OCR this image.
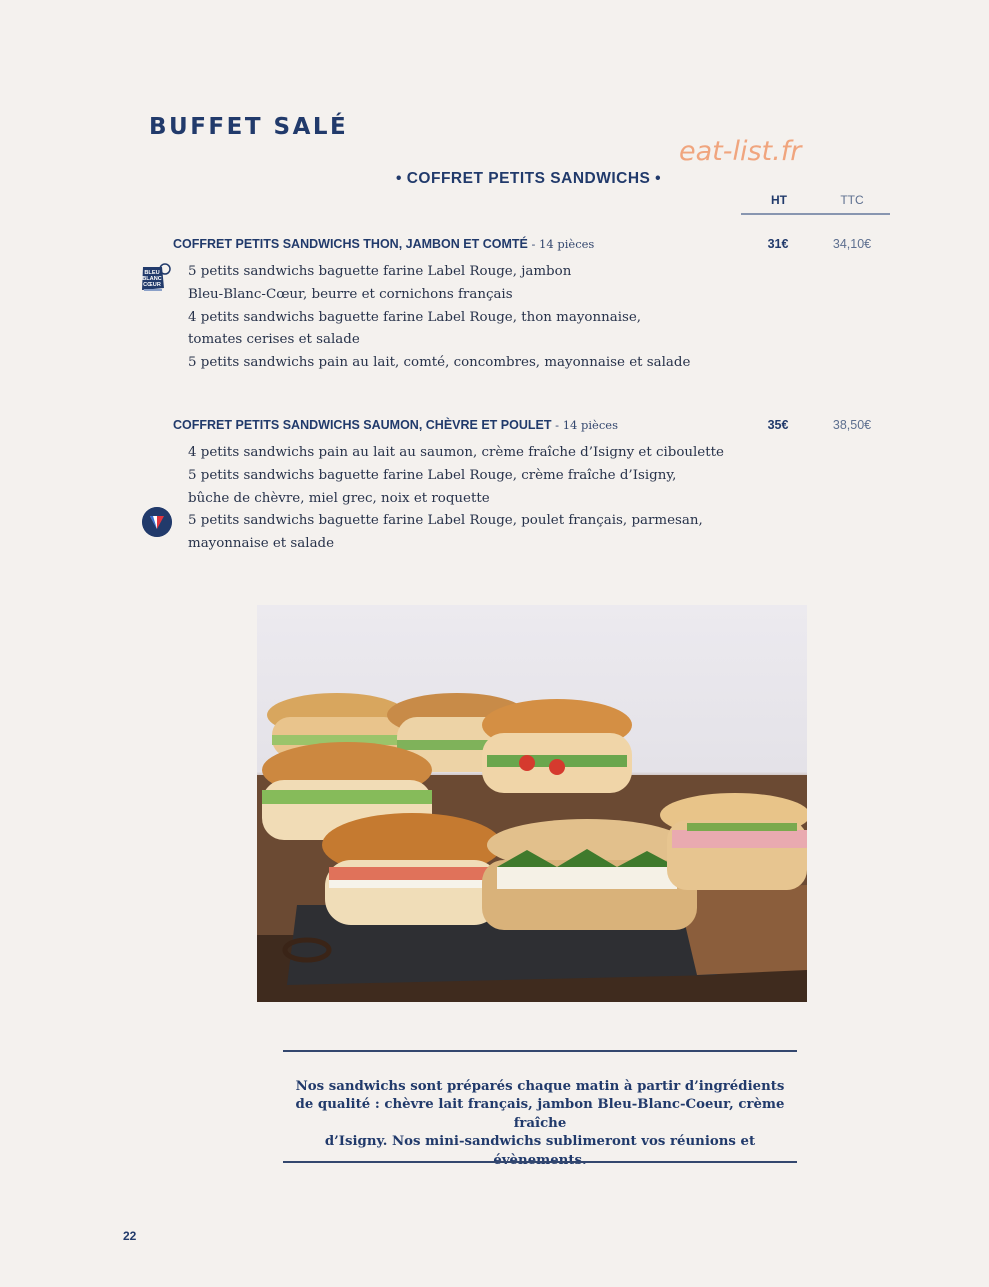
BUFFET SALÉ
eat-list.fr
• COFFRET PETITS SANDWICHS •
HT	TTC
COFFRET PETITS SANDWICHS THON, JAMBON ET COMTÉ - 14 pièces	31€	34,10€
BLEU
BLANC
CŒUR
5 petits sandwichs baguette farine Label Rouge, jambon
Bleu-Blanc-Cœur, beurre et cornichons français
4 petits sandwichs baguette farine Label Rouge, thon mayonnaise,
tomates cerises et salade
5 petits sandwichs pain au lait, comté, concombres, mayonnaise et salade
COFFRET PETITS SANDWICHS SAUMON, CHÈVRE ET POULET - 14 pièces	35€	38,50€
4 petits sandwichs pain au lait au saumon, crème fraîche d’Isigny et ciboulette
5 petits sandwichs baguette farine Label Rouge, crème fraîche d’Isigny,
bûche de chèvre, miel grec, noix et roquette
5 petits sandwichs baguette farine Label Rouge, poulet français, parmesan,
mayonnaise et salade
Nos sandwichs sont préparés chaque matin à partir d’ingrédients
de qualité : chèvre lait français, jambon Bleu-Blanc-Coeur, crème fraîche
d’Isigny. Nos mini-sandwichs sublimeront vos réunions et
22
